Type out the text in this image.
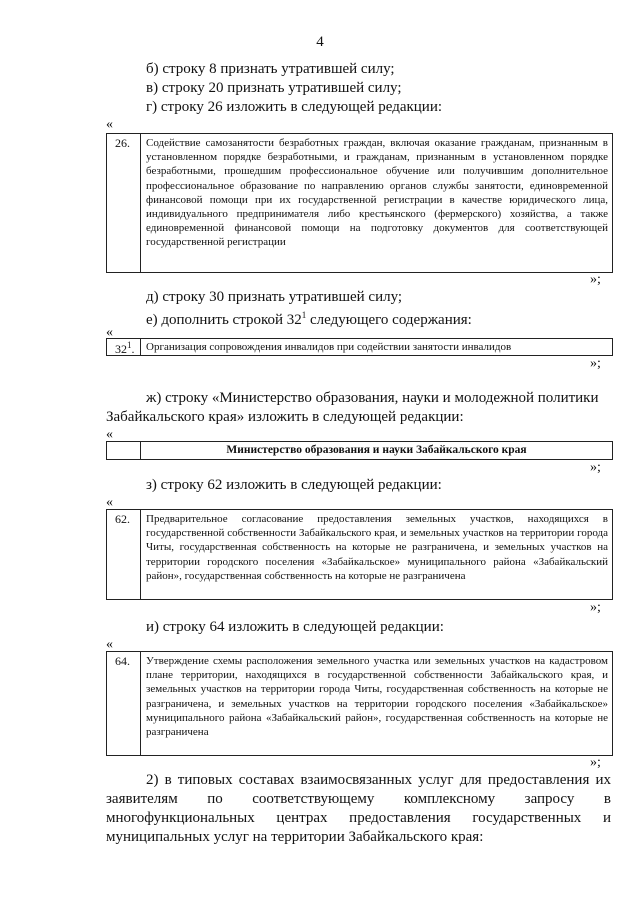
4
б) строку 8 признать утратившей силу;
в) строку 20 признать утратившей силу;
г) строку 26 изложить в следующей редакции:
«
26.	Содействие самозанятости безработных граждан, включая оказание гражданам, признанным в установленном порядке безработными, и гражданам, признанным в установленном порядке безработными, прошедшим профессиональное обучение или получившим дополнительное профессиональное образование по направлению органов службы занятости, единовременной финансовой помощи при их государственной регистрации в качестве юридического лица, индивидуального предпринимателя либо крестьянского (фермерского) хозяйства, а также единовременной финансовой помощи на подготовку документов для соответствующей государственной регистрации
»;
д) строку 30 признать утратившей силу;
е) дополнить строкой $32^1$ следующего содержания:
«
$32^1$.	Организация сопровождения инвалидов при содействии занятости инвалидов
»;
ж) строку «Министерство образования, науки и молодежной политики
Забайкальского края» изложить в следующей редакции:
«
Министерство образования и науки Забайкальского края
»;
з) строку 62 изложить в следующей редакции:
«
62.	Предварительное согласование предоставления земельных участков, находящихся в государственной собственности Забайкальского края, и земельных участков на территории города Читы, государственная собственность на которые не разграничена, и земельных участков на территории городского поселения «Забайкальское» муниципального района «Забайкальский район», государственная собственность на которые не разграничена
»;
и) строку 64 изложить в следующей редакции:
«
64.	Утверждение схемы расположения земельного участка или земельных участков на кадастровом плане территории, находящихся в государственной собственности Забайкальского края, и земельных участков на территории города Читы, государственная собственность на которые не разграничена, и земельных участков на территории городского поселения «Забайкальское» муниципального района «Забайкальский район», государственная собственность на которые не разграничена
»;
2) в типовых составах взаимосвязанных услуг для предоставления их заявителям по соответствующему комплексному запросу в многофункциональных центрах предоставления государственных и муниципальных услуг на территории Забайкальского края:
